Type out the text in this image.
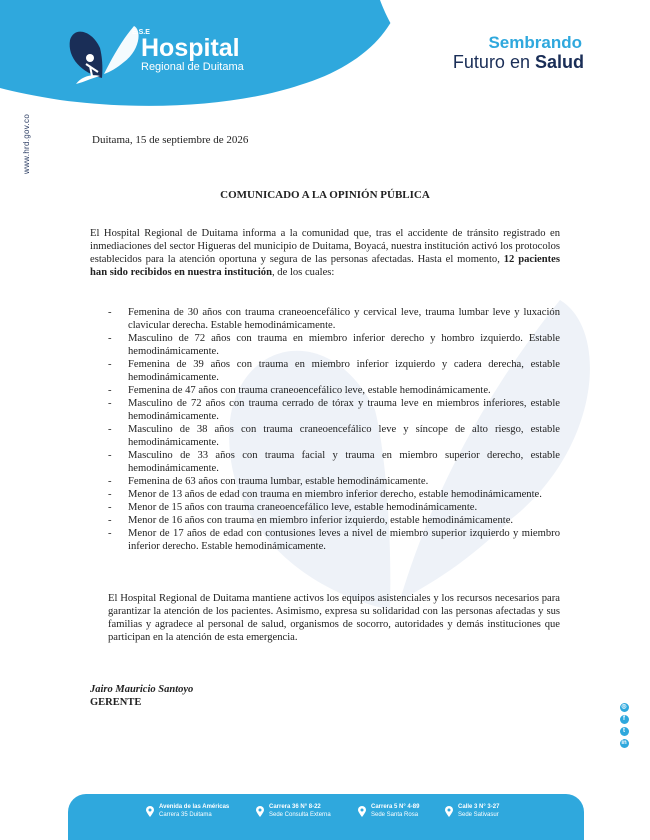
E.S.E
Hospital
Regional de Duitama
Sembrando
Futuro en Salud
www.hrd.gov.co
◎
f
t
in
Duitama, 15 de septiembre de 2026
COMUNICADO A LA OPINIÓN PÚBLICA
El Hospital Regional de Duitama informa a la comunidad que, tras el accidente de tránsito registrado en inmediaciones del sector Higueras del municipio de Duitama, Boyacá, nuestra institución activó los protocolos establecidos para la atención oportuna y segura de las personas afectadas. Hasta el momento, 12 pacientes han sido recibidos en nuestra institución, de los cuales:
- Femenina de 30 años con trauma craneoencefálico y cervical leve, trauma lumbar leve y luxación clavicular derecha. Estable hemodinámicamente.
- Masculino de 72 años con trauma en miembro inferior derecho y hombro izquierdo. Estable hemodinámicamente.
- Femenina de 39 años con trauma en miembro inferior izquierdo y cadera derecha, estable hemodinámicamente.
- Femenina de 47 años con trauma craneoencefálico leve, estable hemodinámicamente.
- Masculino de 72 años con trauma cerrado de tórax y trauma leve en miembros inferiores, estable hemodinámicamente.
- Masculino de 38 años con trauma craneoencefálico leve y síncope de alto riesgo, estable hemodinámicamente.
- Masculino de 33 años con trauma facial y trauma en miembro superior derecho, estable hemodinámicamente.
- Femenina de 63 años con trauma lumbar, estable hemodinámicamente.
- Menor de 13 años de edad con trauma en miembro inferior derecho, estable hemodinámicamente.
- Menor de 15 años con trauma craneoencefálico leve, estable hemodinámicamente.
- Menor de 16 años con trauma en miembro inferior izquierdo, estable hemodinámicamente.
- Menor de 17 años de edad con contusiones leves a nivel de miembro superior izquierdo y miembro inferior derecho. Estable hemodinámicamente.
El Hospital Regional de Duitama mantiene activos los equipos asistenciales y los recursos necesarios para garantizar la atención de los pacientes. Asimismo, expresa su solidaridad con las personas afectadas y sus familias y agradece al personal de salud, organismos de socorro, autoridades y demás instituciones que participan en la atención de esta emergencia.
Jairo Mauricio Santoyo
GERENTE
Avenida de las Américas
Carrera 35 Duitama
Carrera 36 N° 8-22
Sede Consulta Externa
Carrera 5 N° 4-89
Sede Santa Rosa
Calle 3 N° 3-27
Sede Sativasur
